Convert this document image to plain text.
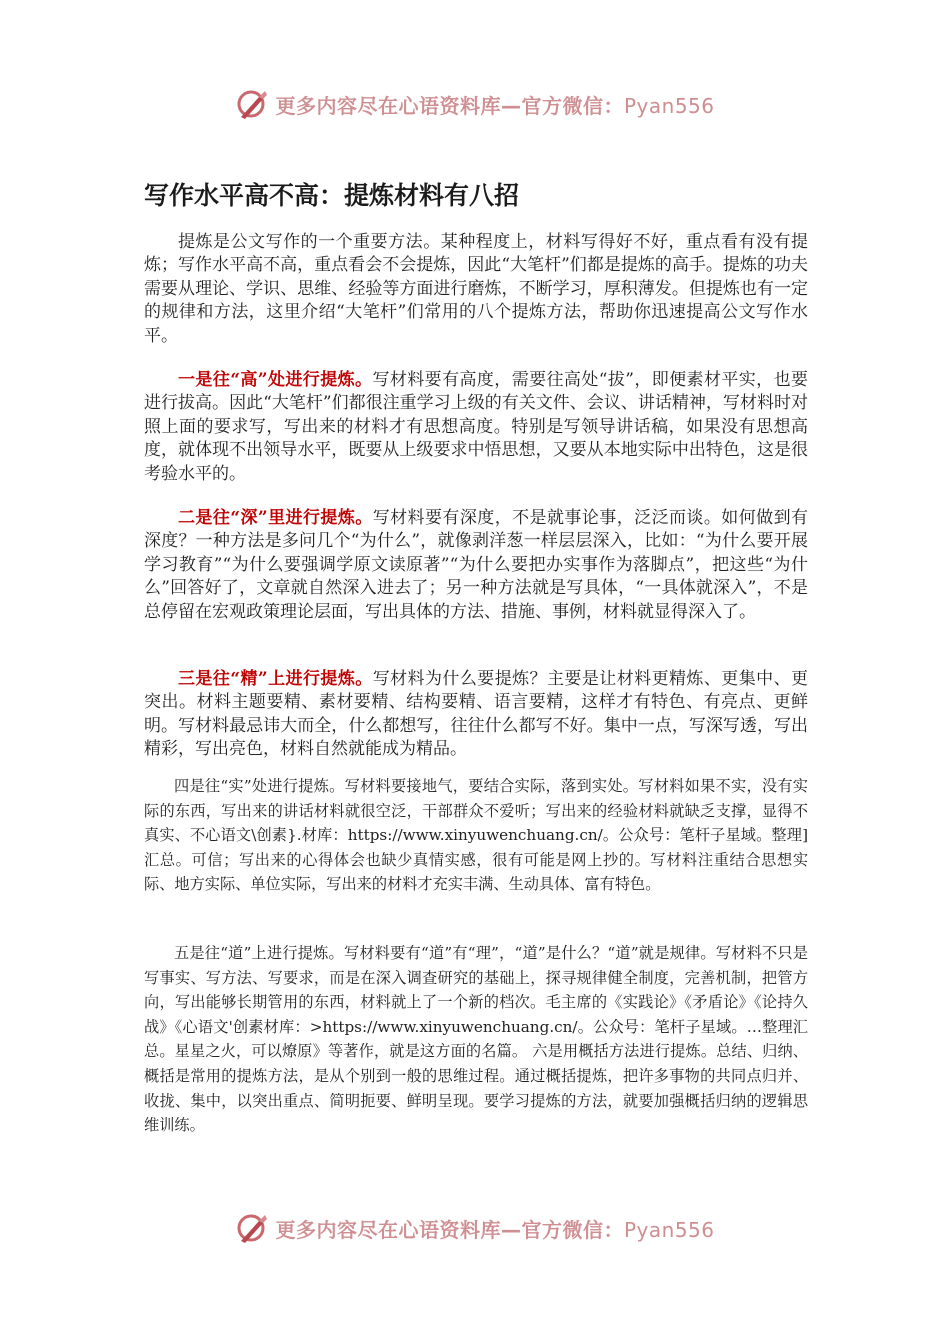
更多内容尽在心语资料库—官方微信：Pyan556
写作水平高不高：提炼材料有八招

提炼是公文写作的一个重要方法。某种程度上，材料写得好不好，重点看有没有提炼；写作水平高不高，重点看会不会提炼，因此“大笔杆”们都是提炼的高手。提炼的功夫需要从理论、学识、思维、经验等方面进行磨炼，不断学习，厚积薄发。但提炼也有一定的规律和方法，这里介绍“大笔杆”们常用的八个提炼方法，帮助你迅速提高公文写作水平。

一是往“高”处进行提炼。写材料要有高度，需要往高处“拔”，即便素材平实，也要进行拔高。因此“大笔杆”们都很注重学习上级的有关文件、会议、讲话精神，写材料时对照上面的要求写，写出来的材料才有思想高度。特别是写领导讲话稿，如果没有思想高度，就体现不出领导水平，既要从上级要求中悟思想，又要从本地实际中出特色，这是很考验水平的。

二是往“深”里进行提炼。写材料要有深度，不是就事论事，泛泛而谈。如何做到有深度？一种方法是多问几个“为什么”，就像剥洋葱一样层层深入，比如：“为什么要开展学习教育”“为什么要强调学原文读原著”“为什么要把办实事作为落脚点”，把这些“为什么”回答好了，文章就自然深入进去了；另一种方法就是写具体，“一具体就深入”，不是总停留在宏观政策理论层面，写出具体的方法、措施、事例，材料就显得深入了。

三是往“精”上进行提炼。写材料为什么要提炼？主要是让材料更精炼、更集中、更突出。材料主题要精、素材要精、结构要精、语言要精，这样才有特色、有亮点、更鲜明。写材料最忌讳大而全，什么都想写，往往什么都写不好。集中一点，写深写透，写出精彩，写出亮色，材料自然就能成为精品。

四是往“实”处进行提炼。写材料要接地气，要结合实际，落到实处。写材料如果不实，没有实际的东西，写出来的讲话材料就很空泛，干部群众不爱听；写出来的经验材料就缺乏支撑，显得不真实、不心语文\创素}.材库：https://www.xinyuwenchuang.cn/。公众号：笔杆子星域。整理]汇总。可信；写出来的心得体会也缺少真情实感，很有可能是网上抄的。写材料注重结合思想实际、地方实际、单位实际，写出来的材料才充实丰满、生动具体、富有特色。

五是往“道”上进行提炼。写材料要有“道”有“理”，“道”是什么？“道”就是规律。写材料不只是写事实、写方法、写要求，而是在深入调查研究的基础上，探寻规律健全制度，完善机制，把管方向，写出能够长期管用的东西，材料就上了一个新的档次。毛主席的《实践论》《矛盾论》《论持久战》《心语文'创素材库：>https://www.xinyuwenchuang.cn/。公众号：笔杆子星域。…整理汇总。星星之火，可以燎原》等著作，就是这方面的名篇。 六是用概括方法进行提炼。总结、归纳、概括是常用的提炼方法，是从个别到一般的思维过程。通过概括提炼，把许多事物的共同点归并、收拢、集中，以突出重点、简明扼要、鲜明呈现。要学习提炼的方法，就要加强概括归纳的逻辑思维训练。

更多内容尽在心语资料库—官方微信：Pyan556
